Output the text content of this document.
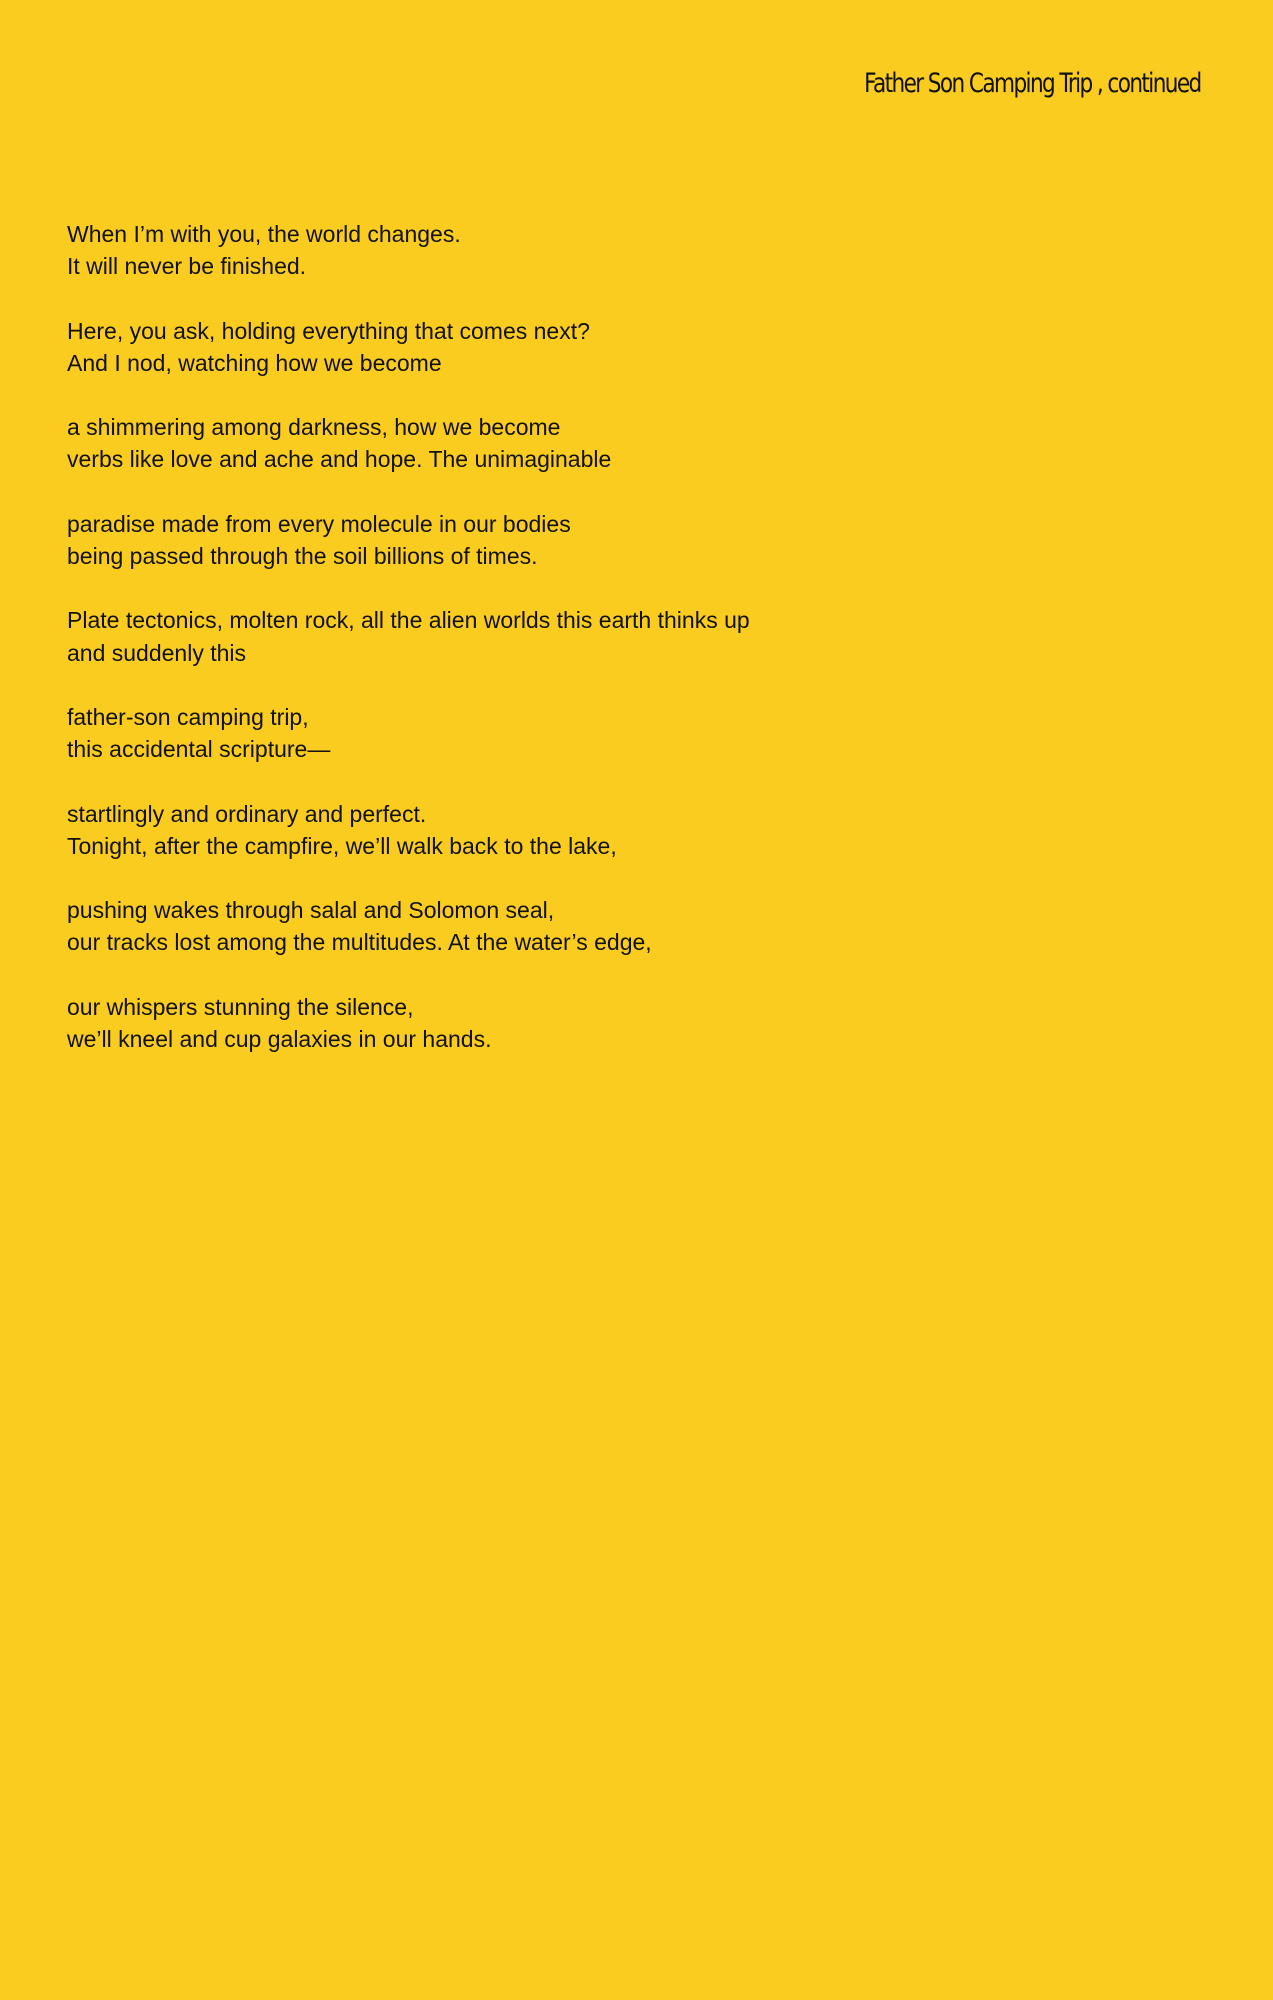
Father Son Camping Trip , continued
When I’m with you, the world changes.
It will never be finished.
Here, you ask, holding everything that comes next?
And I nod, watching how we become
a shimmering among darkness, how we become
verbs like love and ache and hope. The unimaginable
paradise made from every molecule in our bodies
being passed through the soil billions of times.
Plate tectonics, molten rock, all the alien worlds this earth thinks up
and suddenly this
father-son camping trip,
this accidental scripture—
startlingly and ordinary and perfect.
Tonight, after the campfire, we’ll walk back to the lake,
pushing wakes through salal and Solomon seal,
our tracks lost among the multitudes. At the water’s edge,
our whispers stunning the silence,
we’ll kneel and cup galaxies in our hands.
